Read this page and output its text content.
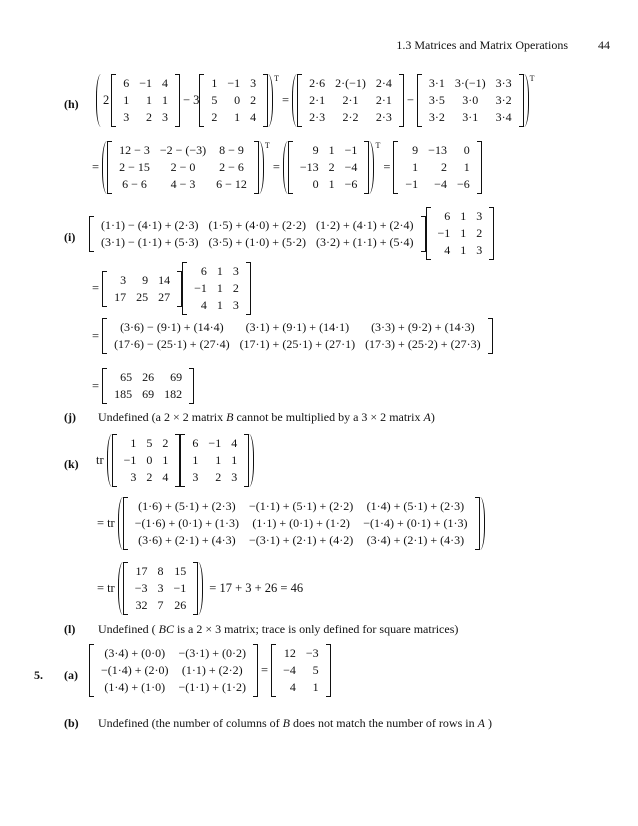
1.3 Matrices and Matrix Operations	44
(h) 2
6	−1	4
1	1	1
3	2	3
− 3
1	−1	3
5	0	2
2	1	4
T
=
2·6	2·(−1)	2·4
2·1	2·1	2·1
2·3	2·2	2·3
−
3·1	3·(−1)	3·3
3·5	3·0	3·2
3·2	3·1	3·4
T
=
12 − 3	−2 − (−3)	8 − 9
2 − 15	2 − 0	2 − 6
6 − 6	4 − 3	6 − 12
T
=
9	1	−1
−13	2	−4
0	1	−6
T
=
9	−13	0
1	2	1
−1	−4	−6
(i)
(1·1) − (4·1) + (2·3)	(1·5) + (4·0) + (2·2)	(1·2) + (4·1) + (2·4)
(3·1) − (1·1) + (5·3)	(3·5) + (1·0) + (5·2)	(3·2) + (1·1) + (5·4)
6	1	3
−1	1	2
4	1	3
=
3	9	14
17	25	27
6	1	3
−1	1	2
4	1	3
=
(3·6) − (9·1) + (14·4)	(3·1) + (9·1) + (14·1)	(3·3) + (9·2) + (14·3)
(17·6) − (25·1) + (27·4)	(17·1) + (25·1) + (27·1)	(17·3) + (25·2) + (27·3)
=
65	26	69
185	69	182
(j) Undefined (a 2 × 2 matrix B cannot be multiplied by a 3 × 2 matrix A)
(k) tr
1	5	2
−1	0	1
3	2	4
6	−1	4
1	1	1
3	2	3
= tr
(1·6) + (5·1) + (2·3)	−(1·1) + (5·1) + (2·2)	(1·4) + (5·1) + (2·3)
−(1·6) + (0·1) + (1·3)	(1·1) + (0·1) + (1·2)	−(1·4) + (0·1) + (1·3)
(3·6) + (2·1) + (4·3)	−(3·1) + (2·1) + (4·2)	(3·4) + (2·1) + (4·3)
= tr
17	8	15
−3	3	−1
32	7	26
= 17 + 3 + 26 = 46
(l) Undefined ( BC is a 2 × 3 matrix; trace is only defined for square matrices)
5. (a)
(3·4) + (0·0)	−(3·1) + (0·2)
−(1·4) + (2·0)	(1·1) + (2·2)
(1·4) + (1·0)	−(1·1) + (1·2)
=
12	−3
−4	5
4	1
(b) Undefined (the number of columns of B does not match the number of rows in A )
